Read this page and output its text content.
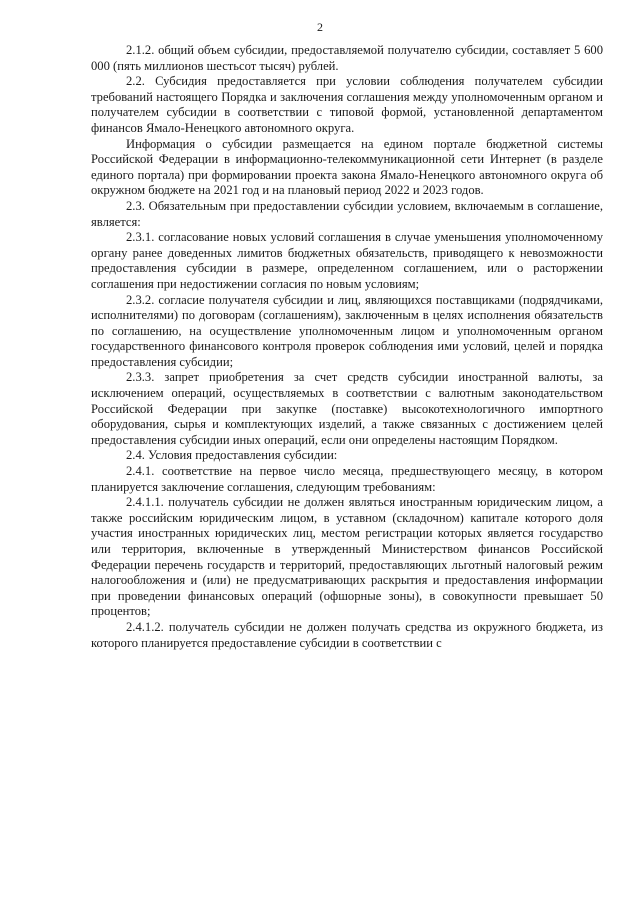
2

2.1.2. общий объем субсидии, предоставляемой получателю субсидии, составляет 5 600 000 (пять миллионов шестьсот тысяч) рублей.

2.2. Субсидия предоставляется при условии соблюдения получателем субсидии требований настоящего Порядка и заключения соглашения между уполномоченным органом и получателем субсидии в соответствии с типовой формой, установленной департаментом финансов Ямало-Ненецкого автономного округа.

Информация о субсидии размещается на едином портале бюджетной системы Российской Федерации в информационно-телекоммуникационной сети Интернет (в разделе единого портала) при формировании проекта закона Ямало-Ненецкого автономного округа об окружном бюджете на 2021 год и на плановый период 2022 и 2023 годов.

2.3. Обязательным при предоставлении субсидии условием, включаемым в соглашение, является:

2.3.1. согласование новых условий соглашения в случае уменьшения уполномоченному органу ранее доведенных лимитов бюджетных обязательств, приводящего к невозможности предоставления субсидии в размере, определенном соглашением, или о расторжении соглашения при недостижении согласия по новым условиям;

2.3.2. согласие получателя субсидии и лиц, являющихся поставщиками (подрядчиками, исполнителями) по договорам (соглашениям), заключенным в целях исполнения обязательств по соглашению, на осуществление уполномоченным лицом и уполномоченным органом государственного финансового контроля проверок соблюдения ими условий, целей и порядка предоставления субсидии;

2.3.3. запрет приобретения за счет средств субсидии иностранной валюты, за исключением операций, осуществляемых в соответствии с валютным законодательством Российской Федерации при закупке (поставке) высокотехнологичного импортного оборудования, сырья и комплектующих изделий, а также связанных с достижением целей предоставления субсидии иных операций, если они определены настоящим Порядком.

2.4. Условия предоставления субсидии:

2.4.1. соответствие на первое число месяца, предшествующего месяцу, в котором планируется заключение соглашения, следующим требованиям:

2.4.1.1. получатель субсидии не должен являться иностранным юридическим лицом, а также российским юридическим лицом, в уставном (складочном) капитале которого доля участия иностранных юридических лиц, местом регистрации которых является государство или территория, включенные в утвержденный Министерством финансов Российской Федерации перечень государств и территорий, предоставляющих льготный налоговый режим налогообложения и (или) не предусматривающих раскрытия и предоставления информации при проведении финансовых операций (офшорные зоны), в совокупности превышает 50 процентов;

2.4.1.2. получатель субсидии не должен получать средства из окружного бюджета, из которого планируется предоставление субсидии в соответствии с
